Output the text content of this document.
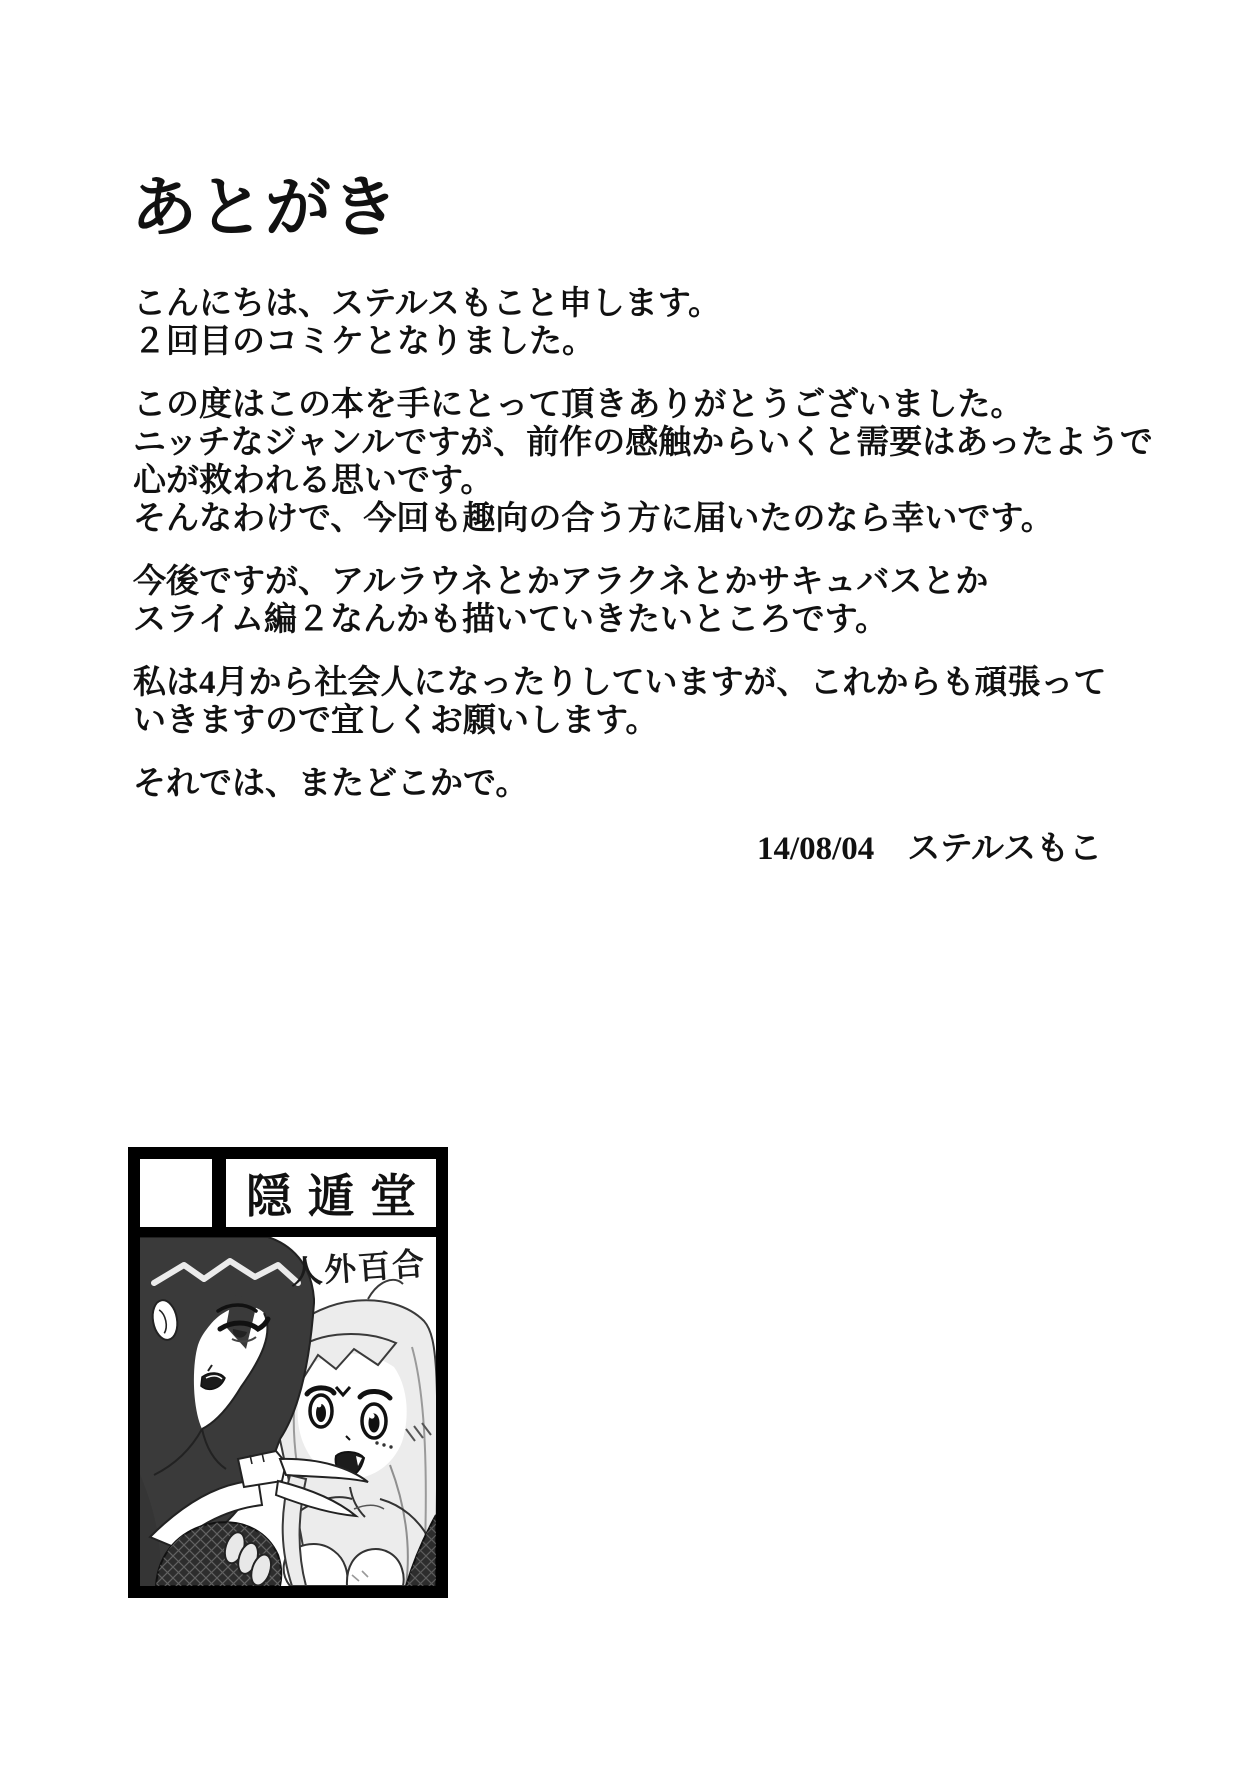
あとがき
こんにちは、ステルスもこと申します。
２回目のコミケとなりました。
この度はこの本を手にとって頂きありがとうございました。
ニッチなジャンルですが、前作の感触からいくと需要はあったようで
心が救われる思いです。
そんなわけで、今回も趣向の合う方に届いたのなら幸いです。
今後ですが、アルラウネとかアラクネとかサキュバスとか
スライム編２なんかも描いていきたいところです。
私は4月から社会人になったりしていますが、これからも頑張って
いきますので宜しくお願いします。
それでは、またどこかで。
14/08/04　ステルスもこ
隠遁堂
人外百合
